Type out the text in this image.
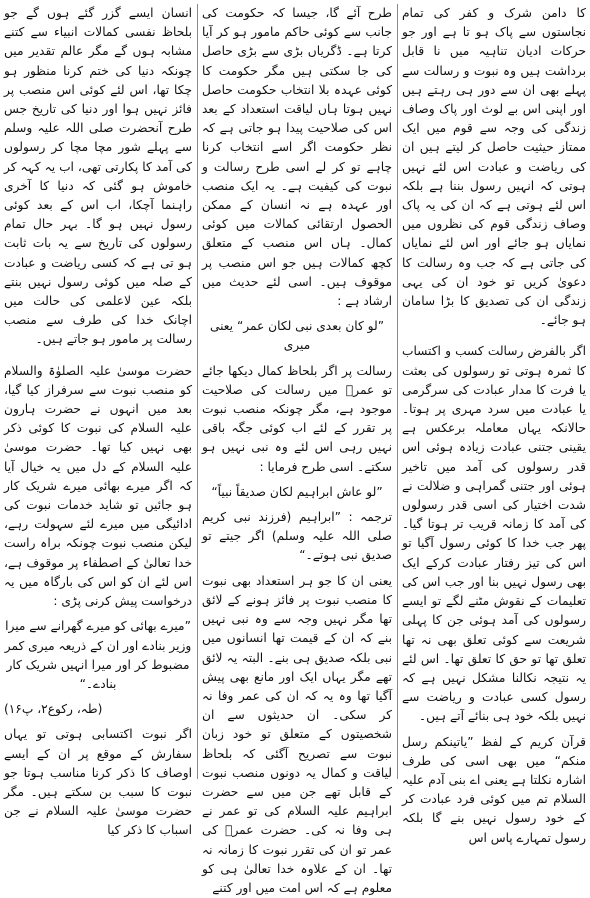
کا دامن شرک و کفر کی تمام نجاستوں سے پاک ہو تا ہے اور جو حرکات ادیان تناہیہ میں نا قابل برداشت ہیں وہ نبوت و رسالت سے پہلے بھی ان سے دور ہی رہتے ہیں اور اپنی اس بے لوث اور پاک وصاف زندگی کی وجہ سے قوم میں ایک ممتاز حیثیت حاصل کر لیتے ہیں ان کی ریاضت و عبادت اس لئے نہیں ہوتی کہ انہیں رسول بننا ہے بلکہ اس لئے ہوتی ہے کہ ان کی یہ پاک وصاف زندگی قوم کی نظروں میں نمایاں ہو جائے اور اس لئے نمایاں کی جاتی ہے کہ جب وہ رسالت کا دعویٰ کریں تو خود ان کی یہی زندگی ان کی تصدیق کا بڑا سامان ہو جائے۔

اگر بالفرض رسالت کسب و اکتساب کا ثمرہ ہوتی تو رسولوں کی بعثت یا فرت کا مدار عبادت کی سرگرمی یا عبادت میں سرد مہری پر ہوتا۔ حالانکہ یہاں معاملہ برعکس ہے یقینی جتنی عبادت زیادہ ہوئی اس قدر رسولوں کی آمد میں تاخیر ہوئی اور جتنی گمراہی و ضلالت نے شدت اختیار کی اسی قدر رسولوں کی آمد کا زمانہ قریب تر ہوتا گیا۔ پھر جب خدا کا کوئی رسول آگیا تو اس کی تیز رفتار عبادت کرکے ایک بھی رسول نہیں بنا اور جب اس کی تعلیمات کے نقوش مٹنے لگے تو ایسے رسولوں کی آمد ہوئی جن کا پہلی شریعت سے کوئی تعلق بھی نہ تھا تعلق تھا تو حق کا تعلق تھا۔ اس لئے یہ نتیجہ نکالنا مشکل نہیں ہے کہ رسول کسی عبادت و ریاضت سے نہیں بلکہ خود ہی بنائے آتے ہیں۔

قرآن کریم کے لفظ ”یاتینکم رسل منکم“ میں بھی اسی کی طرف اشارہ نکلتا ہے یعنی اے بنی آدم علیہ السلام تم میں کوئی فرد عبادت کر کے خود رسول نہیں بنے گا بلکہ رسول تمہارے پاس اس

طرح آئے گا، جیسا کہ حکومت کی جانب سے کوئی حاکم مامور ہو کر آیا کرتا ہے۔ ڈگریاں بڑی سے بڑی حاصل کی جا سکتی ہیں مگر حکومت کا کوئی عہدہ بلا انتخاب حکومت حاصل نہیں ہوتا ہاں لیاقت استعداد کے بعد اس کی صلاحیت پیدا ہو جاتی ہے کہ نظر حکومت اگر اسے انتخاب کرنا چاہے تو کر لے اسی طرح رسالت و نبوت کی کیفیت ہے۔ یہ ایک منصب اور عہدہ ہے نہ انسان کے ممکن الحصول ارتقائی کمالات میں کوئی کمال۔ ہاں اس منصب کے متعلق کچھ کمالات ہیں جو اس منصب پر موقوف ہیں۔ اسی لئے حدیث میں ارشاد ہے :

”لو کان بعدی نبی لکان عمر“ یعنی میری

رسالت پر اگر بلحاظ کمال دیکھا جائے تو عمرؓ میں رسالت کی صلاحیت موجود ہے، مگر چونکہ منصب نبوت پر تقرر کے لئے اب کوئی جگہ باقی نہیں رہی اس لئے وہ نبی نہیں ہو سکتے۔ اسی طرح فرمایا :

”لو عاش ابراہیم لکان صدیقاً نبیاً“

ترجمہ : ”ابراہیم (فرزند نبی کریم صلی اللہ علیہ وسلم) اگر جیتے تو صدیق نبی ہوتے۔“

یعنی ان کا جو ہر استعداد بھی نبوت کا منصب نبوت پر فائز ہونے کے لائق تھا مگر نہیں وجہ سے وہ نبی نہیں بنے کہ ان کے قیمت تھا انسانوں میں نبی بلکہ صدیق ہی بنے۔ البتہ یہ لائق تھے مگر یہاں ایک اور مانع بھی پیش آگیا تھا وہ یہ کہ ان کی عمر وفا نہ کر سکی۔ ان حدیثوں سے ان شخصیتوں کے متعلق تو خود زبان نبوت سے تصریح آگئی کہ بلحاظ لیاقت و کمال یہ دونوں منصب نبوت کے قابل تھے جن میں سے حضرت ابراہیم علیہ السلام کی تو عمر نے ہی وفا نہ کی۔ حضرت عمرؓ کی عمر تو ان کی تقرر نبوت کا زمانہ نہ تھا۔ ان کے علاوہ خدا تعالیٰ ہی کو معلوم ہے کہ اس امت میں اور کتنے

انسان ایسے گزر گئے ہوں گے جو بلحاظ نفسی کمالات انبیاء سے کتنے مشابہ ہوں گے مگر عالم تقدیر میں چونکہ دنیا کی ختم کرنا منظور ہو چکا تھا، اس لئے کوئی اس منصب پر فائز نہیں ہوا اور دنیا کی تاریخ جس طرح آنحضرت صلی اللہ علیہ وسلم سے پہلے شور مچا مچا کر رسولوں کی آمد کا پکارتی تھی، اب یہ کہہ کر خاموش ہو گئی کہ دنیا کا آخری راہنما آچکا، اب اس کے بعد کوئی رسول نہیں ہو گا۔ بہر حال تمام رسولوں کی تاریخ سے یہ بات ثابت ہو تی ہے کہ کسی ریاضت و عبادت کے صلہ میں کوئی رسول نہیں بنتے بلکہ عین لاعلمی کی حالت میں اچانک خدا کی طرف سے منصب رسالت پر مامور ہو جاتے ہیں۔

حضرت موسیٰ علیہ الصلوٰۃ والسلام کو منصب نبوت سے سرفراز کیا گیا، بعد میں انہوں نے حضرت ہارون علیہ السلام کی نبوت کا کوئی ذکر بھی نہیں کیا تھا۔ حضرت موسیٰ علیہ السلام کے دل میں یہ خیال آیا کہ اگر میرے بھائی میرے شریک کار ہو جائیں تو شاید خدمات نبوت کی ادائیگی میں میرے لئے سہولت رہے، لیکن منصب نبوت چونکہ براہ راست خدا تعالیٰ کے اصطفاء پر موقوف ہے، اس لئے ان کو اس کی بارگاہ میں یہ درخواست پیش کرنی پڑی :

”میرے بھائی کو میرے گھرانے سے میرا وزیر بنادے اور ان کے ذریعہ میری کمر مضبوط کر اور میرا انہیں شریک کار بنادے۔“

(طہ، رکوع۲، پ۱۶)

اگر نبوت اکتسابی ہوتی تو یہاں سفارش کے موقع پر ان کے ایسے اوصاف کا ذکر کرنا مناسب ہوتا جو نبوت کا سبب بن سکتے ہیں۔ مگر حضرت موسیٰ علیہ السلام نے جن اسباب کا ذکر کیا
